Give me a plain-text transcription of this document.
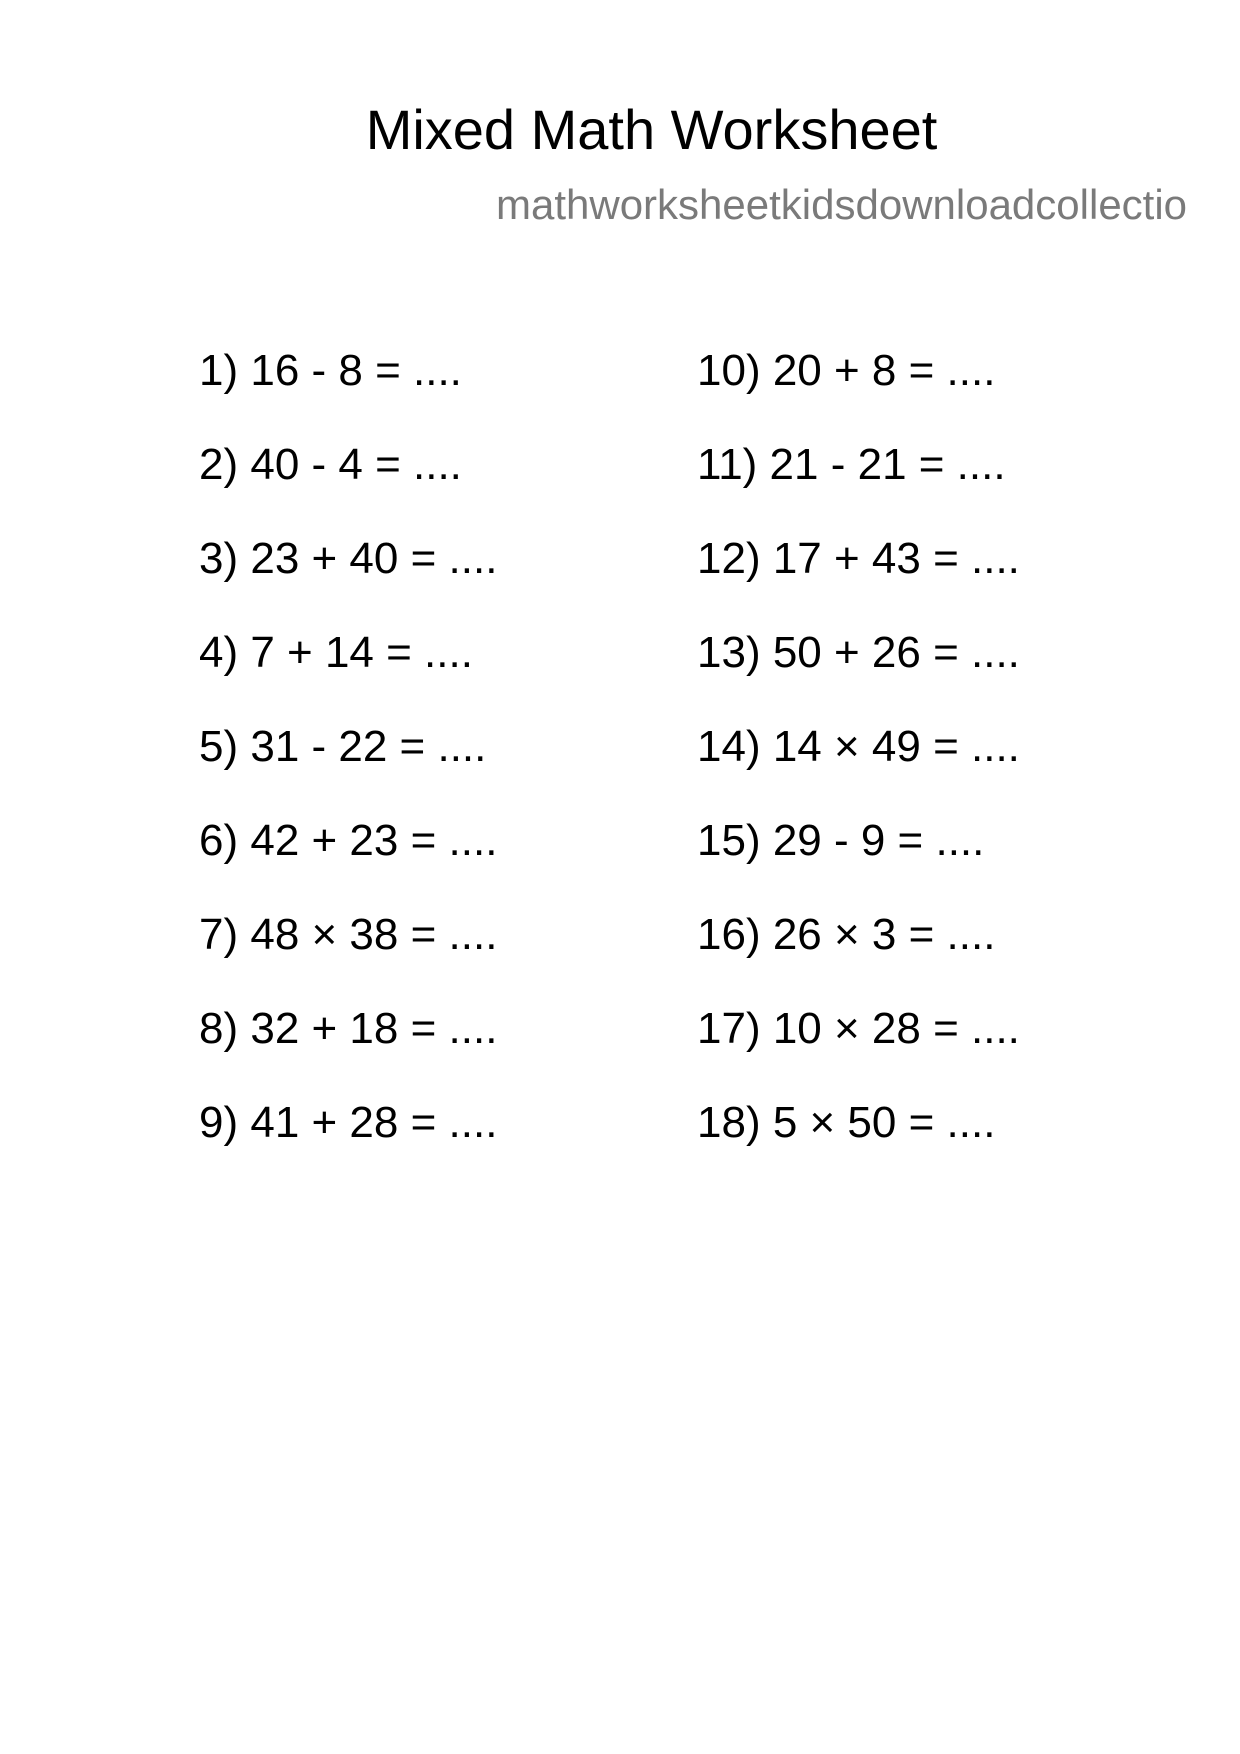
Mixed Math Worksheet
mathworksheetkidsdownloadcollectio
1) 16 - 8 = ....
2) 40 - 4 = ....
3) 23 + 40 = ....
4) 7 + 14 = ....
5) 31 - 22 = ....
6) 42 + 23 = ....
7) 48 × 38 = ....
8) 32 + 18 = ....
9) 41 + 28 = ....
10) 20 + 8 = ....
11) 21 - 21 = ....
12) 17 + 43 = ....
13) 50 + 26 = ....
14) 14 × 49 = ....
15) 29 - 9 = ....
16) 26 × 3 = ....
17) 10 × 28 = ....
18) 5 × 50 = ....
